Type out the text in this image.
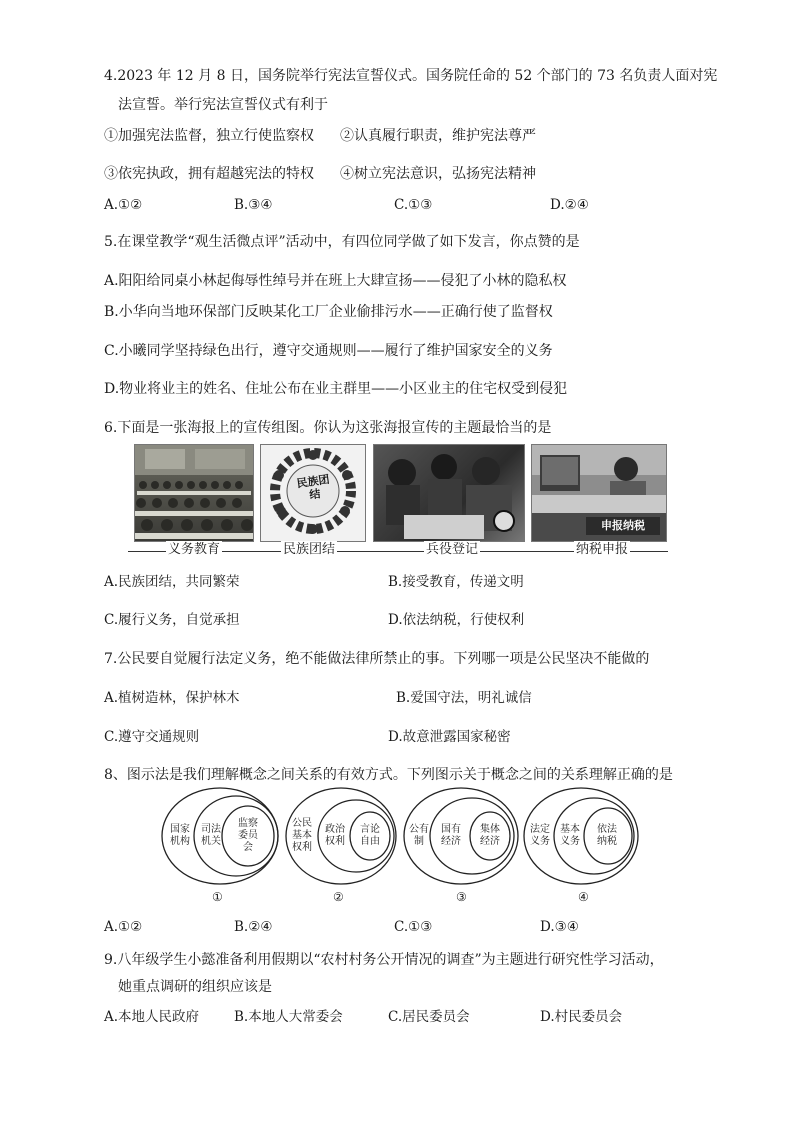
4.2023 年 12 月 8 日，国务院举行宪法宣誓仪式。国务院任命的 52 个部门的 73 名负责人面对宪
法宣誓。举行宪法宣誓仪式有利于
①加强宪法监督，独立行使监察权 ②认真履行职责，维护宪法尊严
③依宪执政，拥有超越宪法的特权 ④树立宪法意识，弘扬宪法精神
A.①②	B.③④	C.①③	D.②④
5.在课堂教学“观生活微点评”活动中，有四位同学做了如下发言，你点赞的是
A.阳阳给同桌小林起侮辱性绰号并在班上大肆宣扬——侵犯了小林的隐私权
B.小华向当地环保部门反映某化工厂企业偷排污水——正确行使了监督权
C.小曦同学坚持绿色出行，遵守交通规则——履行了维护国家安全的义务
D.物业将业主的姓名、住址公布在业主群里——小区业主的住宅权受到侵犯
6.下面是一张海报上的宣传组图。你认为这张海报宣传的主题最恰当的是
民族团结
申报纳税
义务教育	民族团结	兵役登记	纳税申报
A.民族团结，共同繁荣	B.接受教育，传递文明
C.履行义务，自觉承担	D.依法纳税，行使权利
7.公民要自觉履行法定义务，绝不能做法律所禁止的事。下列哪一项是公民坚决不能做的
A.植树造林，保护林木	B.爱国守法，明礼诚信
C.遵守交通规则	D.故意泄露国家秘密
8、图示法是我们理解概念之间关系的有效方式。下列图示关于概念之间的关系理解正确的是
国家
机构
司法
机关
监察
委员
会
①
公民
基本
权利
政治
权利
言论
自由
②
公有
制
国有
经济
集体
经济
③
法定
义务
基本
义务
依法
纳税
④
A.①②	B.②④	C.①③	D.③④
9.八年级学生小懿准备利用假期以“农村村务公开情况的调查”为主题进行研究性学习活动，
她重点调研的组织应该是
A.本地人民政府	B.本地人大常委会	C.居民委员会	D.村民委员会
